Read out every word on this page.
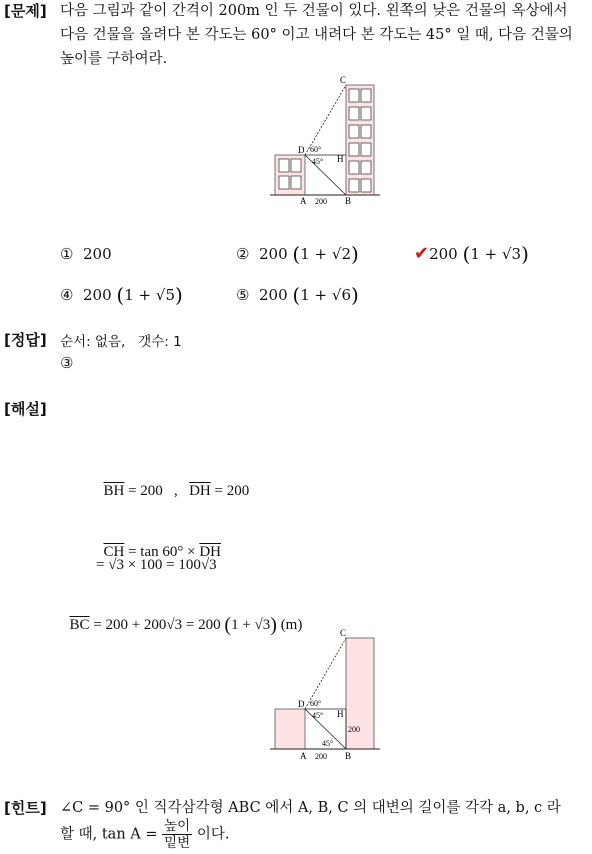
[문제] 다음 그림과 같이 간격이 200m 인 두 건물이 있다. 왼쪽의 낮은 건물의 옥상에서
다음 건물을 올려다 본 각도는 60° 이고 내려다 본 각도는 45° 일 때, 다음 건물의
높이를 구하여라.
C
D
H
A	B
60°
45°
200
① 200	② 200 (1 + √2)	✔200 (1 + √3)
④ 200 (1 + √5)	⑤ 200 (1 + √6)
[정답] 순서: 없음,   갯수: 1
③
[해설]

$\overline{BH} = 200$   ,   $\overline{DH} = 200$

$\overline{CH} = \tan 60^\circ \times \overline{DH}$

= √3 × 100 = 100√3

$\overline{BC} = 200 + 200√3 = 200$ (1 + √3) (m)	C
D
H
A	B
60°
45°
45°
200
200
[힌트] ∠C = 90° 인 직각삼각형 ABC 에서 A, B, C 의 대변의 길이를 각각 a, b, c 라
할 때, $\tan A = \frac{\text{높이}}{\text{밑변}}$ 이다.
